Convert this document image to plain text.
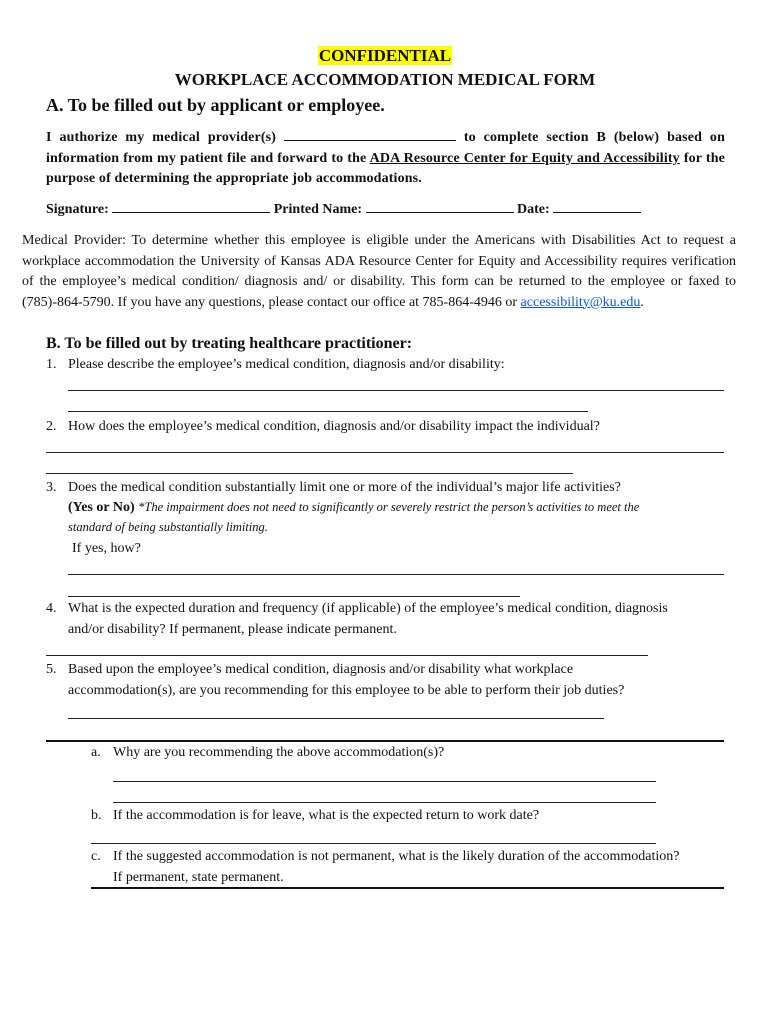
CONFIDENTIAL
WORKPLACE ACCOMMODATION MEDICAL FORM
A. To be filled out by applicant or employee.
I authorize my medical provider(s)	to complete section B (below) based on information from my patient file and forward to the ADA Resource Center for Equity and Accessibility for the purpose of determining the appropriate job accommodations.
Signature:	Printed Name:	Date:
Medical Provider: To determine whether this employee is eligible under the Americans with Disabilities Act to request a workplace accommodation the University of Kansas ADA Resource Center for Equity and Accessibility requires verification of the employee’s medical condition/ diagnosis and/ or disability. This form can be returned to the employee or faxed to (785)-864-5790. If you have any questions, please contact our office at 785-864-4946 or accessibility@ku.edu.
B. To be filled out by treating healthcare practitioner:
1. Please describe the employee’s medical condition, diagnosis and/or disability:
2. How does the employee’s medical condition, diagnosis and/or disability impact the individual?
3. Does the medical condition substantially limit one or more of the individual’s major life activities?
(Yes or No) *The impairment does not need to significantly or severely restrict the person’s activities to meet the
standard of being substantially limiting.
If yes, how?
4. What is the expected duration and frequency (if applicable) of the employee’s medical condition, diagnosis
and/or disability? If permanent, please indicate permanent.
5. Based upon the employee’s medical condition, diagnosis and/or disability what workplace
accommodation(s), are you recommending for this employee to be able to perform their job duties?
a. Why are you recommending the above accommodation(s)?
b. If the accommodation is for leave, what is the expected return to work date?
c. If the suggested accommodation is not permanent, what is the likely duration of the accommodation?
If permanent, state permanent.
